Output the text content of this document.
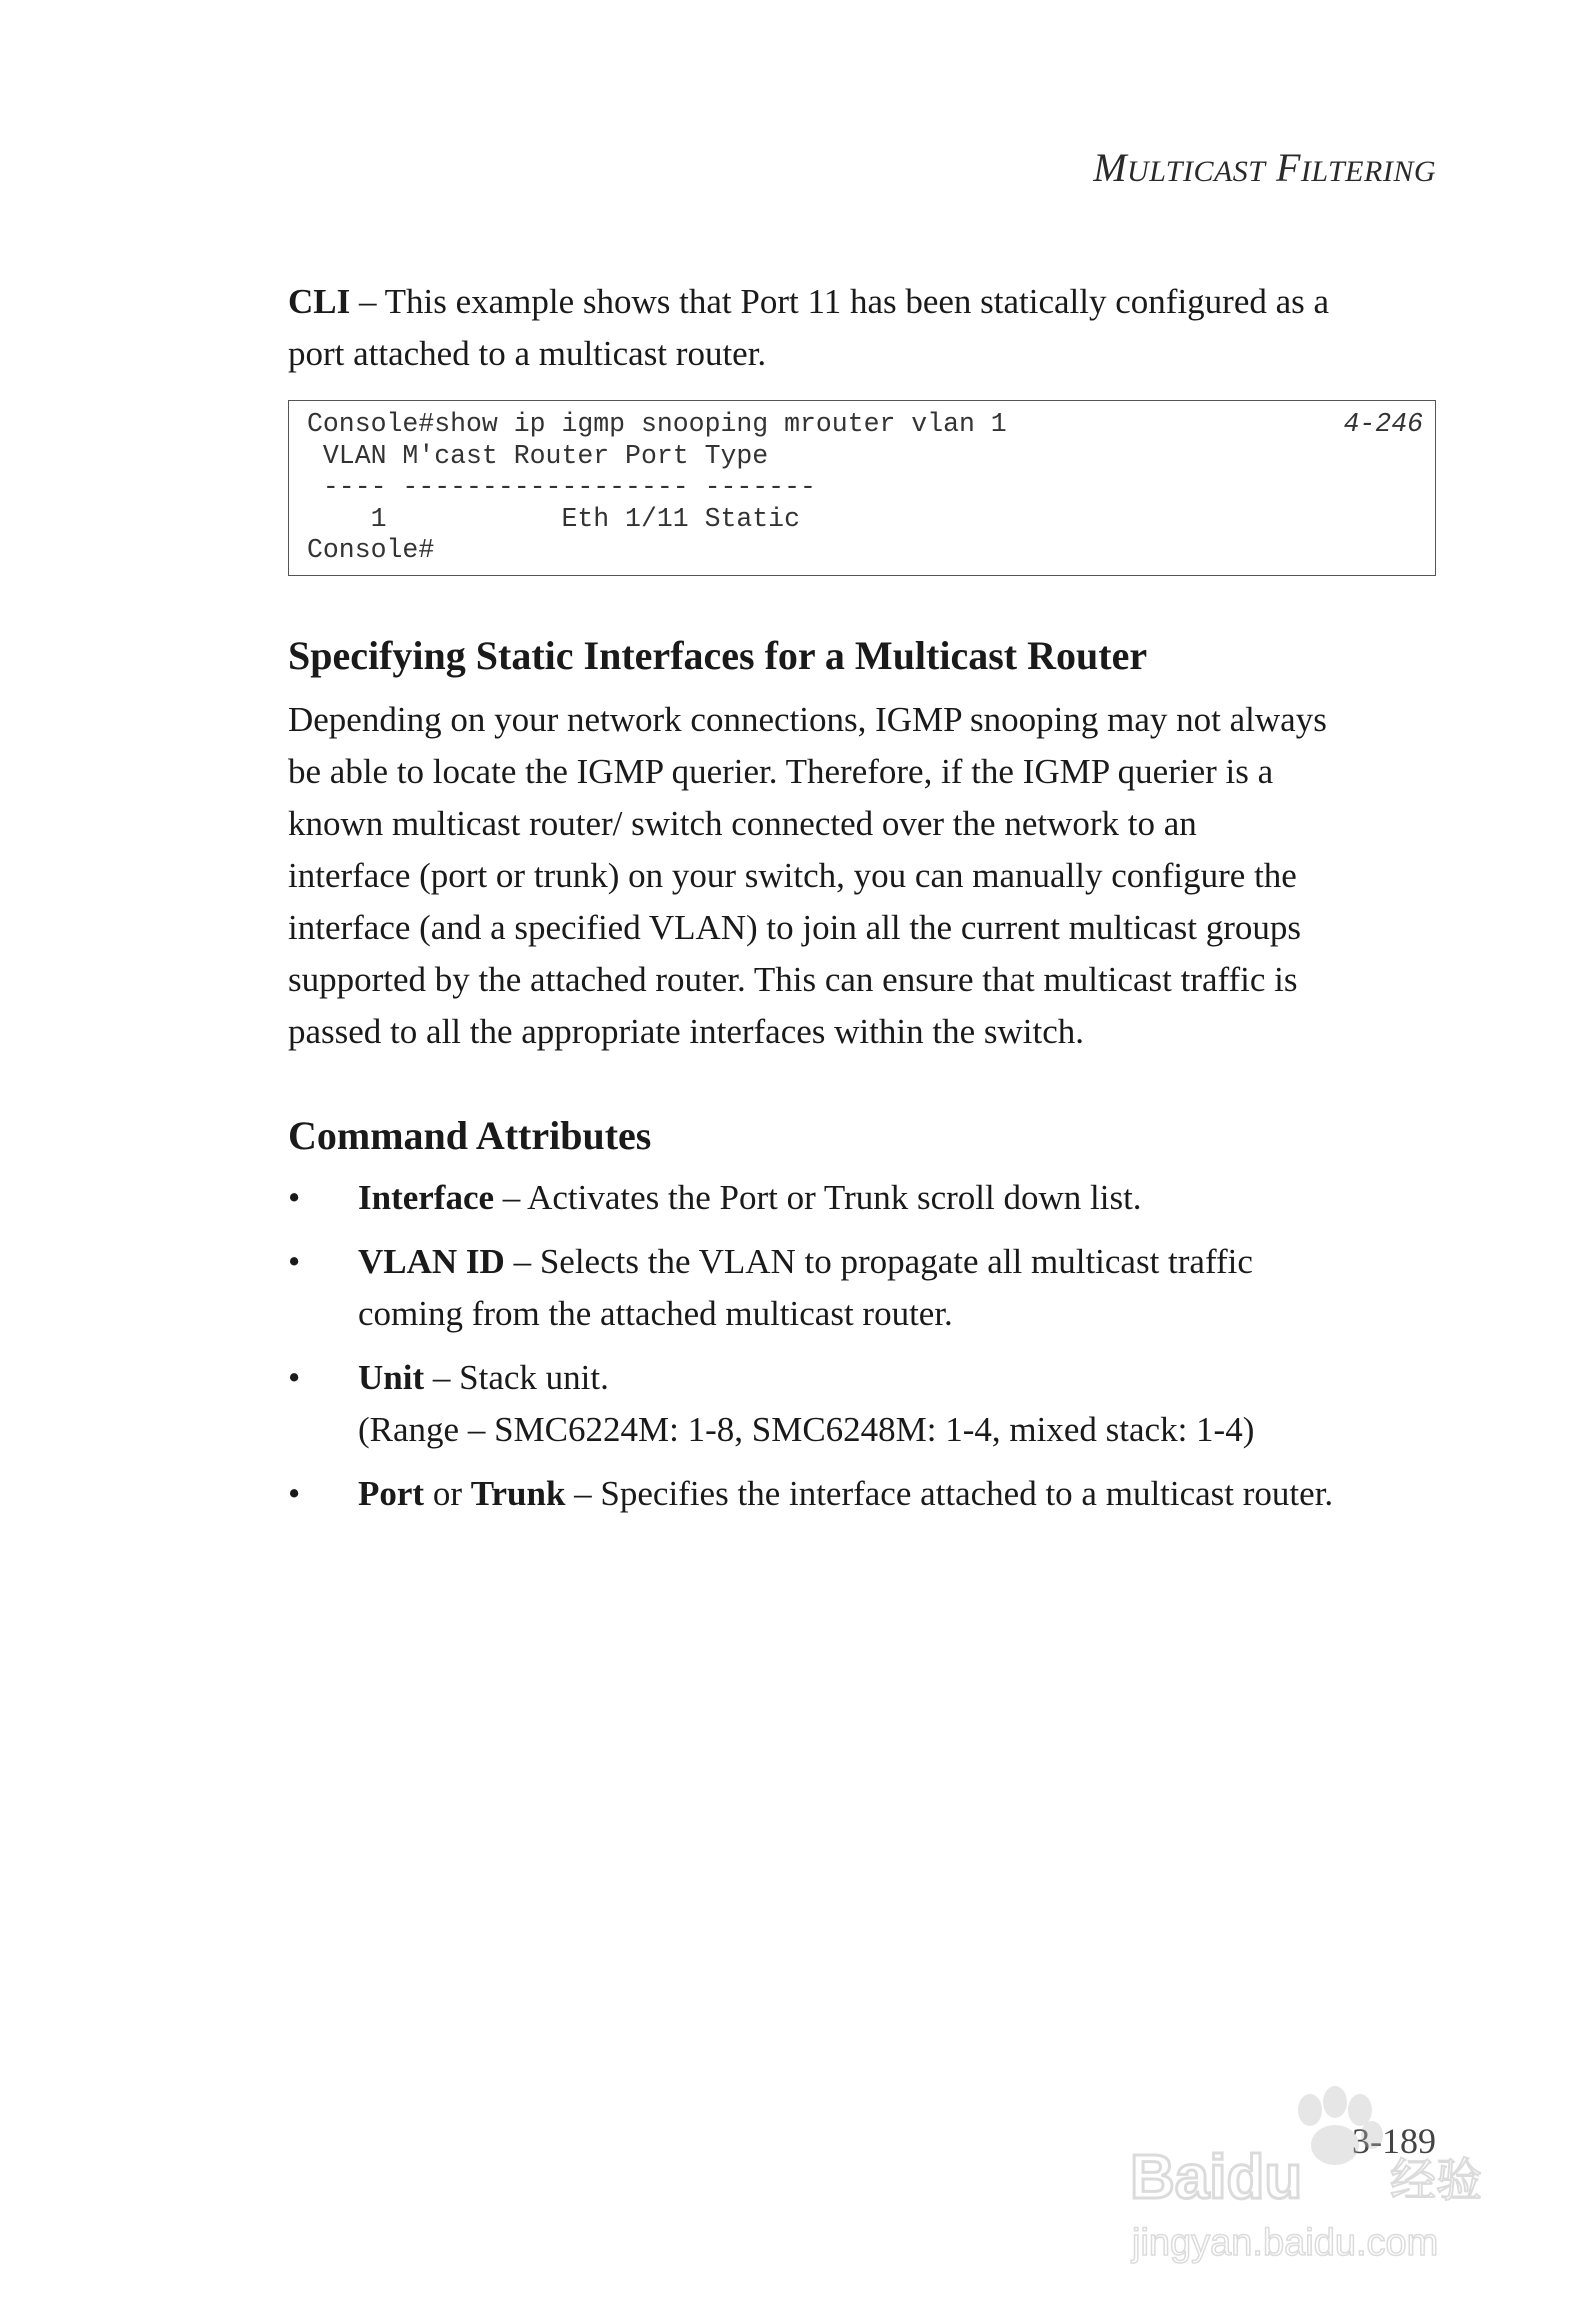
MULTICAST FILTERING

CLI – This example shows that Port 11 has been statically configured as a
port attached to a multicast router.

Console#show ip igmp snooping mrouter vlan 1	4-246
VLAN M'cast Router Port Type
---- ------------------ -------
1           Eth 1/11 Static
Console#
Specifying Static Interfaces for a Multicast Router

Depending on your network connections, IGMP snooping may not always
be able to locate the IGMP querier. Therefore, if the IGMP querier is a
known multicast router/ switch connected over the network to an
interface (port or trunk) on your switch, you can manually configure the
interface (and a specified VLAN) to join all the current multicast groups
supported by the attached router. This can ensure that multicast traffic is
passed to all the appropriate interfaces within the switch.

Command Attributes
• Interface – Activates the Port or Trunk scroll down list.
• VLAN ID – Selects the VLAN to propagate all multicast traffic
coming from the attached multicast router.
• Unit – Stack unit.
(Range – SMC6224M: 1-8, SMC6248M: 1-4, mixed stack: 1-4)
• Port or Trunk – Specifies the interface attached to a multicast router.
3-189
Baidu 经验
jingyan.baidu.com
